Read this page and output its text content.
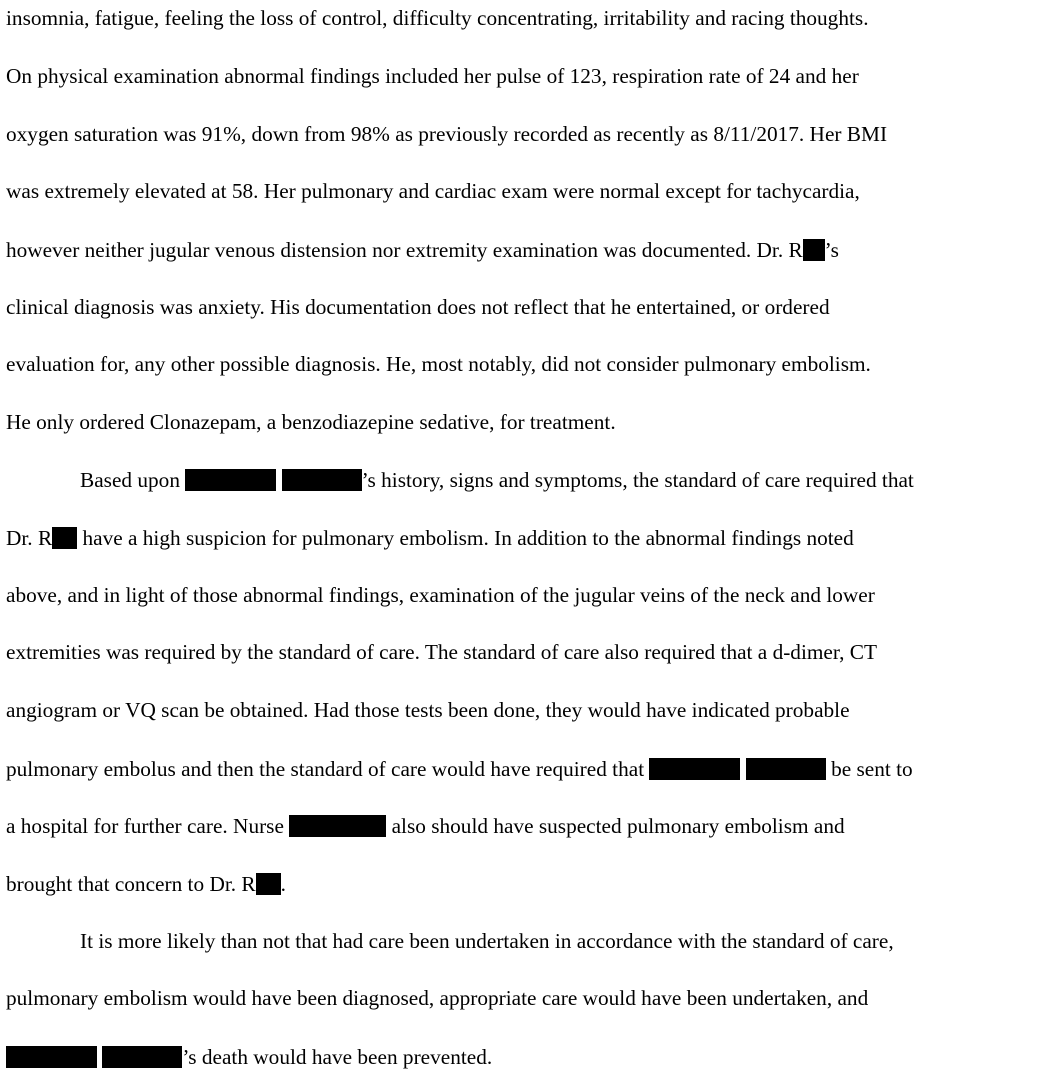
insomnia, fatigue, feeling the loss of control, difficulty concentrating, irritability and racing thoughts.
On physical examination abnormal findings included her pulse of 123, respiration rate of 24 and her
oxygen saturation was 91%, down from 98% as previously recorded as recently as 8/11/2017. Her BMI
was extremely elevated at 58. Her pulmonary and cardiac exam were normal except for tachycardia,
however neither jugular venous distension nor extremity examination was documented. Dr. R ’s
clinical diagnosis was anxiety. His documentation does not reflect that he entertained, or ordered
evaluation for, any other possible diagnosis. He, most notably, did not consider pulmonary embolism.
He only ordered Clonazepam, a benzodiazepine sedative, for treatment.
Based upon	’s history, signs and symptoms, the standard of care required that
Dr. R have a high suspicion for pulmonary embolism. In addition to the abnormal findings noted
above, and in light of those abnormal findings, examination of the jugular veins of the neck and lower
extremities was required by the standard of care. The standard of care also required that a d-dimer, CT
angiogram or VQ scan be obtained. Had those tests been done, they would have indicated probable
pulmonary embolus and then the standard of care would have required that	be sent to
a hospital for further care. Nurse	also should have suspected pulmonary embolism and
brought that concern to Dr. R .
It is more likely than not that had care been undertaken in accordance with the standard of care,
pulmonary embolism would have been diagnosed, appropriate care would have been undertaken, and
’s death would have been prevented.
